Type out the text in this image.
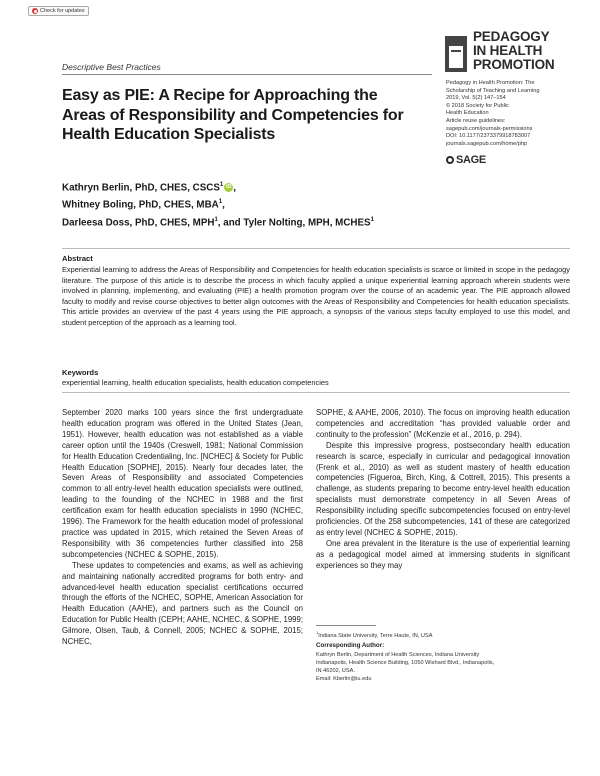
Check for updates
PEDAGOGY
IN HEALTH
PROMOTION
Descriptive Best Practices
Easy as PIE: A Recipe for Approaching the Areas of Responsibility and Competencies for Health Education Specialists
Pedagogy in Health Promotion: The
Scholarship of Teaching and Learning
2019, Vol. 5(2) 147–154
© 2018 Society for Public
Health Education
Article reuse guidelines:
sagepub.com/journals-permissions
DOI: 10.1177/2373379918783007
journals.sagepub.com/home/php
SAGE
Kathryn Berlin, PhD, CHES, CSCS$^1$ iD ,
Whitney Boling, PhD, CHES, MBA$^1$,
Darleesa Doss, PhD, CHES, MPH$^1$, and Tyler Nolting, MPH, MCHES$^1$
Abstract

Experiential learning to address the Areas of Responsibility and Competencies for health education specialists is scarce or limited in scope in the pedagogy literature. The purpose of this article is to describe the process in which faculty applied a unique experiential learning approach wherein students were involved in planning, implementing, and evaluating (PIE) a health promotion program over the course of an academic year. The PIE approach allowed faculty to modify and revise course objectives to better align outcomes with the Areas of Responsibility and Competencies for health education specialists. This article provides an overview of the past 4 years using the PIE approach, a synopsis of the various steps faculty employed to use this model, and student perception of the approach as a learning tool.

Keywords
experiential learning, health education specialists, health education competencies

September 2020 marks 100 years since the first undergraduate health education program was offered in the United States (Jean, 1951). However, health education was not established as a viable career option until the 1940s (Creswell, 1981; National Commission for Health Education Credentialing, Inc. [NCHEC] & Society for Public Health Education [SOPHE], 2015). Nearly four decades later, the Seven Areas of Responsibility and associated Competencies common to all entry-level health education specialists were outlined, leading to the founding of the NCHEC in 1988 and the first certification exam for health education specialists in 1990 (NCHEC, 1996). The Framework for the health education model of professional practice was updated in 2015, which retained the Seven Areas of Responsibility with 36 competencies further classified into 258 subcompetencies (NCHEC & SOPHE, 2015).

These updates to competencies and exams, as well as achieving and maintaining nationally accredited programs for both entry- and advanced-level health education specialist certifications occurred through the efforts of the NCHEC, SOPHE, American Association for Health Education (AAHE), and partners such as the Council on Education for Public Health (CEPH; AAHE, NCHEC, & SOPHE, 1999; Gilmore, Olsen, Taub, & Connell, 2005; NCHEC & SOPHE, 2015; NCHEC,

SOPHE, & AAHE, 2006, 2010). The focus on improving health education competencies and accreditation “has provided valuable order and continuity to the profession” (McKenzie et al., 2016, p. 294).

Despite this impressive progress, postsecondary health education research is scarce, especially in curricular and pedagogical innovation (Frenk et al., 2010) as well as student mastery of health education competencies (Figueroa, Birch, King, & Cottrell, 2015). This presents a challenge, as students preparing to become entry-level health education specialists must demonstrate competency in all Seven Areas of Responsibility including specific subcompetencies focused on entry-level proficiencies. Of the 258 subcompetencies, 141 of these are categorized as entry level (NCHEC & SOPHE, 2015).

One area prevalent in the literature is the use of experiential learning as a pedagogical model aimed at immersing students in significant experiences so they may

$^1$Indiana State University, Terre Haute, IN, USA
Corresponding Author:
Kathryn Berlin, Department of Health Sciences, Indiana University
Indianapolis, Health Science Building, 1050 Wishard Blvd., Indianapolis,
IN 46202, USA.
Email: Kberlin@iu.edu
